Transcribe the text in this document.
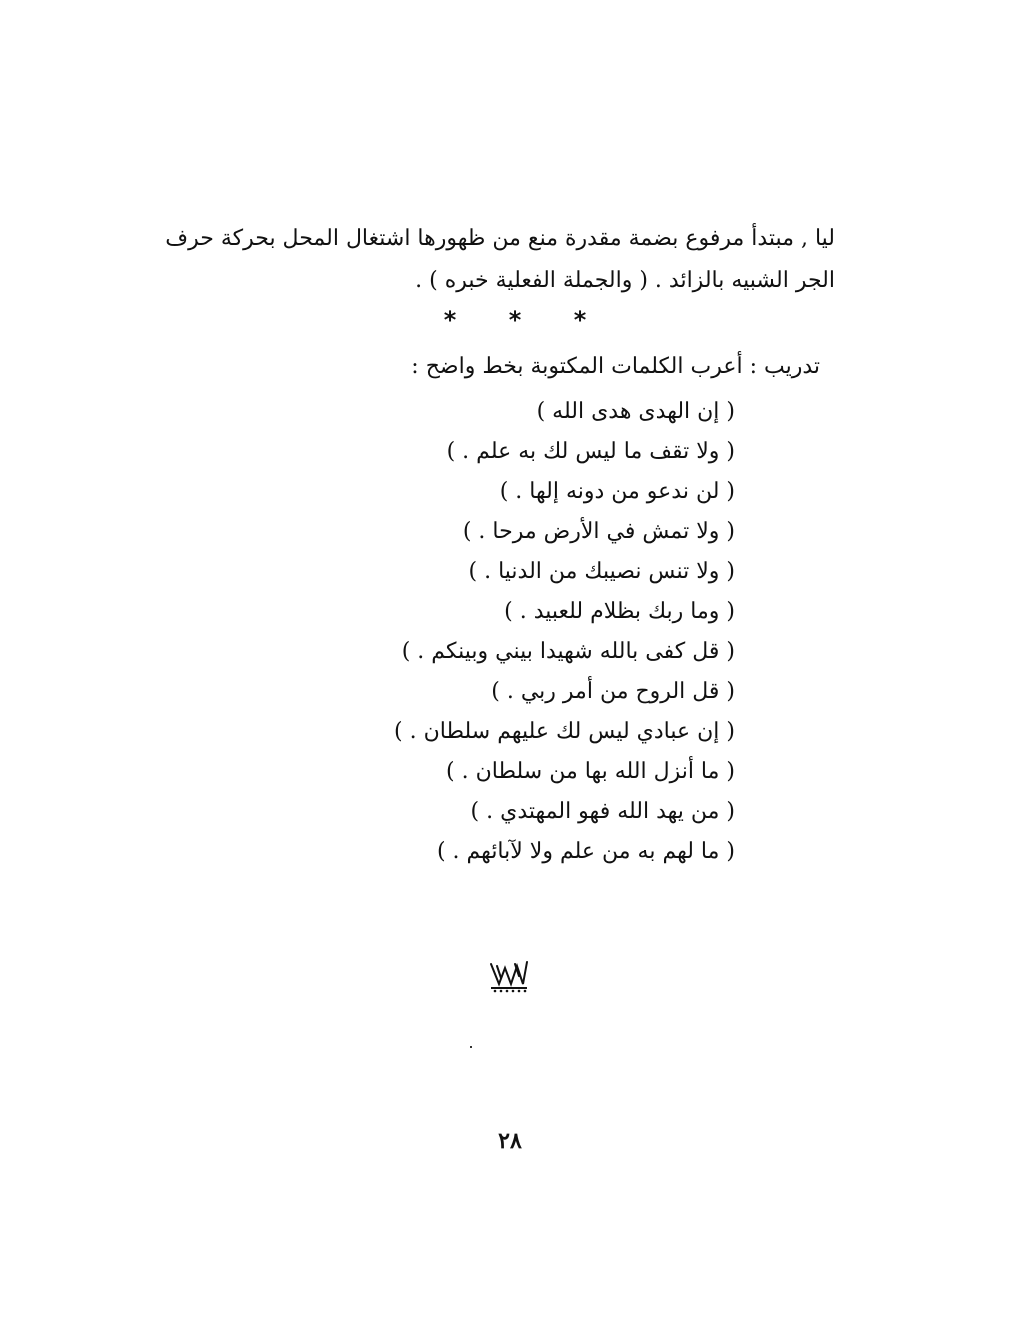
ليا , مبتدأ مرفوع بضمة مقدرة منع من ظهورها اشتغال المحل بحركة حرف
الجر الشبيه بالزائد . ( والجملة الفعلية خبره ) .
* * *
تدريب : أعرب الكلمات المكتوبة بخط واضح :
( إن الهدى هدى الله )
( ولا تقف ما ليس لك به علم . )
( لن ندعو من دونه إلها . )
( ولا تمش في الأرض مرحا . )
( ولا تنس نصيبك من الدنيا . )
( وما ربك بظلام للعبيد . )
( قل كفى بالله شهيدا بيني وبينكم . )
( قل الروح من أمر ربي . )
( إن عبادي ليس لك عليهم سلطان . )
( ما أنزل الله بها من سلطان . )
( من يهد الله فهو المهتدي . )
( ما لهم به من علم ولا لآبائهم . )
٢٨
